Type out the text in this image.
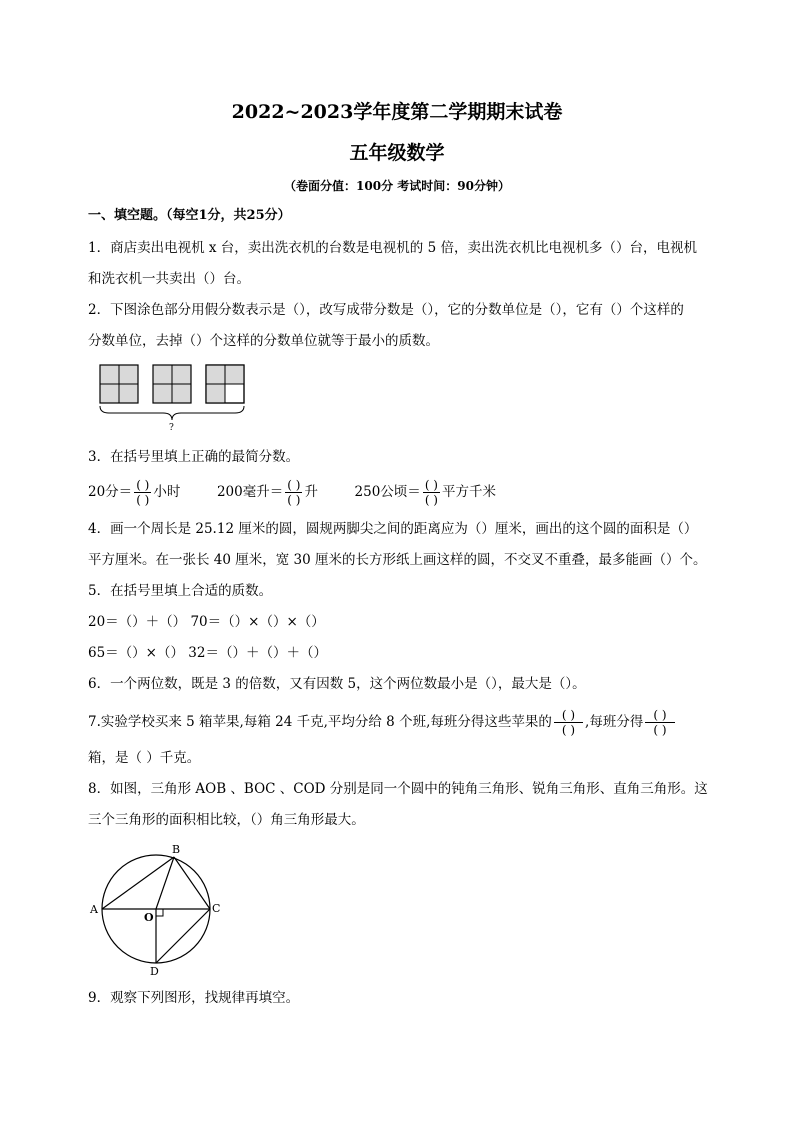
2022~2023学年度第二学期期末试卷
五年级数学
（卷面分值：100分 考试时间：90分钟）
一、填空题。（每空1分，共25分）
1．商店卖出电视机 x 台，卖出洗衣机的台数是电视机的 5 倍，卖出洗衣机比电视机多（）台，电视机
和洗衣机一共卖出（）台。
2．下图涂色部分用假分数表示是（），改写成带分数是（），它的分数单位是（），它有（）个这样的
分数单位，去掉（）个这样的分数单位就等于最小的质数。
?
3．在括号里填上正确的最简分数。
20分＝ $\frac{( )}{( )}$ 小时	200毫升＝ $\frac{( )}{( )}$ 升	250公顷＝ $\frac{( )}{( )}$ 平方千米
4．画一个周长是 25.12 厘米的圆，圆规两脚尖之间的距离应为（）厘米，画出的这个圆的面积是（）
平方厘米。在一张长 40 厘米，宽 30 厘米的长方形纸上画这样的圆，不交叉不重叠，最多能画（）个。
5．在括号里填上合适的质数。
20＝（）＋（） 70＝（）×（）×（）
65＝（）×（） 32＝（）＋（）＋（）
6．一个两位数，既是 3 的倍数，又有因数 5，这个两位数最小是（），最大是（）。
7.实验学校买来 5 箱苹果,每箱 24 千克,平均分给 8 个班,每班分得这些苹果的 $\frac{( )}{( )}$ ,每班分得 $\frac{( )}{( )}$
箱，是（ ）千克。
8．如图，三角形 AOB 、BOC 、COD 分别是同一个圆中的钝角三角形、锐角三角形、直角三角形。这
三个三角形的面积相比较，（）角三角形最大。
A
B
C
D
O
9．观察下列图形，找规律再填空。
